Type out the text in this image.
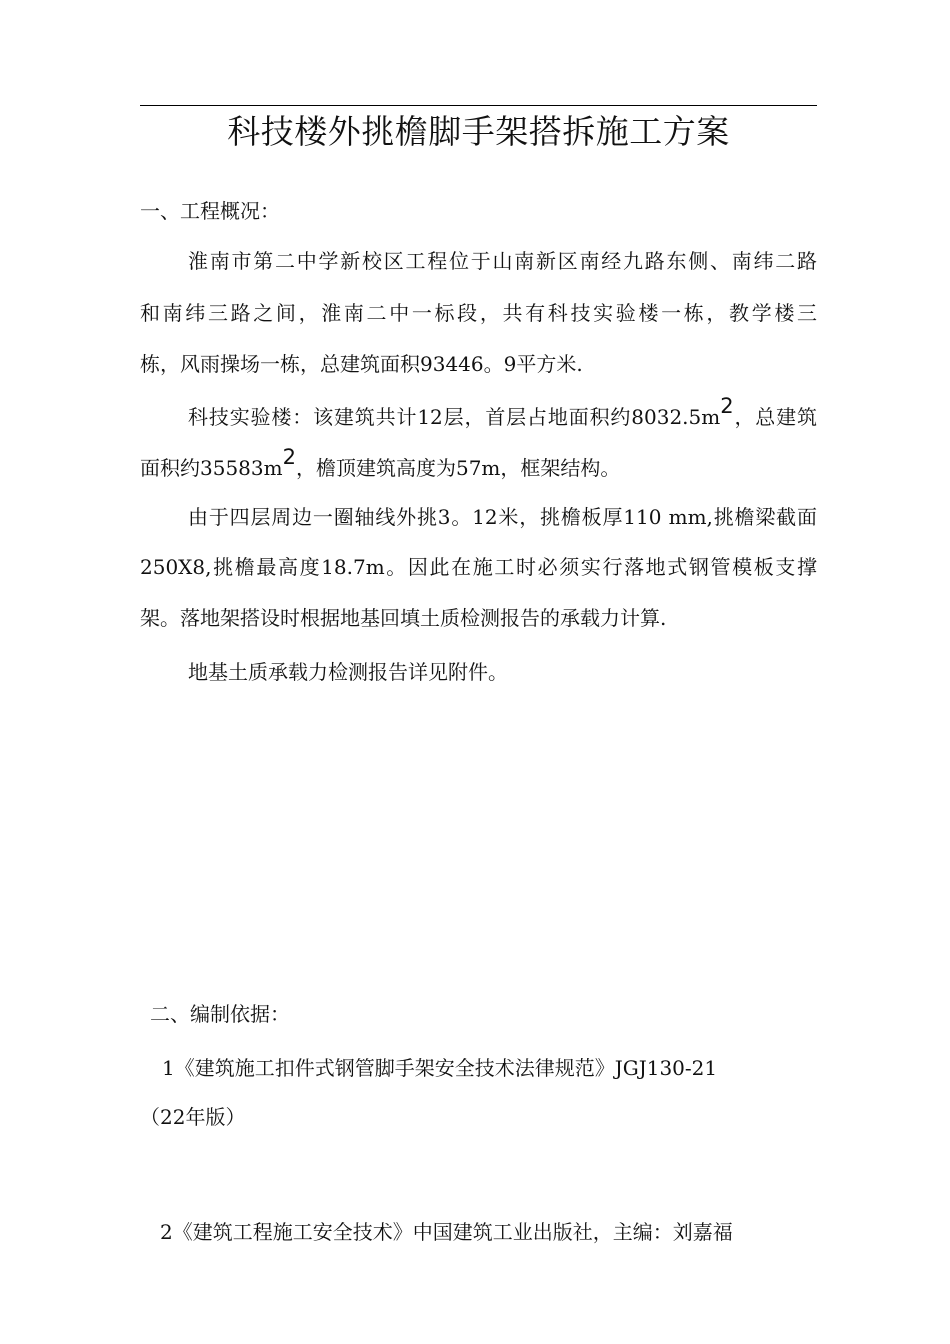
科技楼外挑檐脚手架搭拆施工方案
一、工程概况：
淮南市第二中学新校区工程位于山南新区南经九路东侧、南纬二路
和南纬三路之间，淮南二中一标段，共有科技实验楼一栋，教学楼三
栋，风雨操场一栋，总建筑面积93446。9平方米.
科技实验楼：该建筑共计12层，首层占地面积约8032.5m2，总建筑
面积约35583m2，檐顶建筑高度为57m，框架结构。
由于四层周边一圈轴线外挑3。12米，挑檐板厚110 mm,挑檐梁截面
250X8,挑檐最高度18.7m。因此在施工时必须实行落地式钢管模板支撑
架。落地架搭设时根据地基回填土质检测报告的承载力计算.
地基土质承载力检测报告详见附件。
二、编制依据：
1《建筑施工扣件式钢管脚手架安全技术法律规范》JGJ130-21
（22年版）
2《建筑工程施工安全技术》中国建筑工业出版社，主编：刘嘉福
